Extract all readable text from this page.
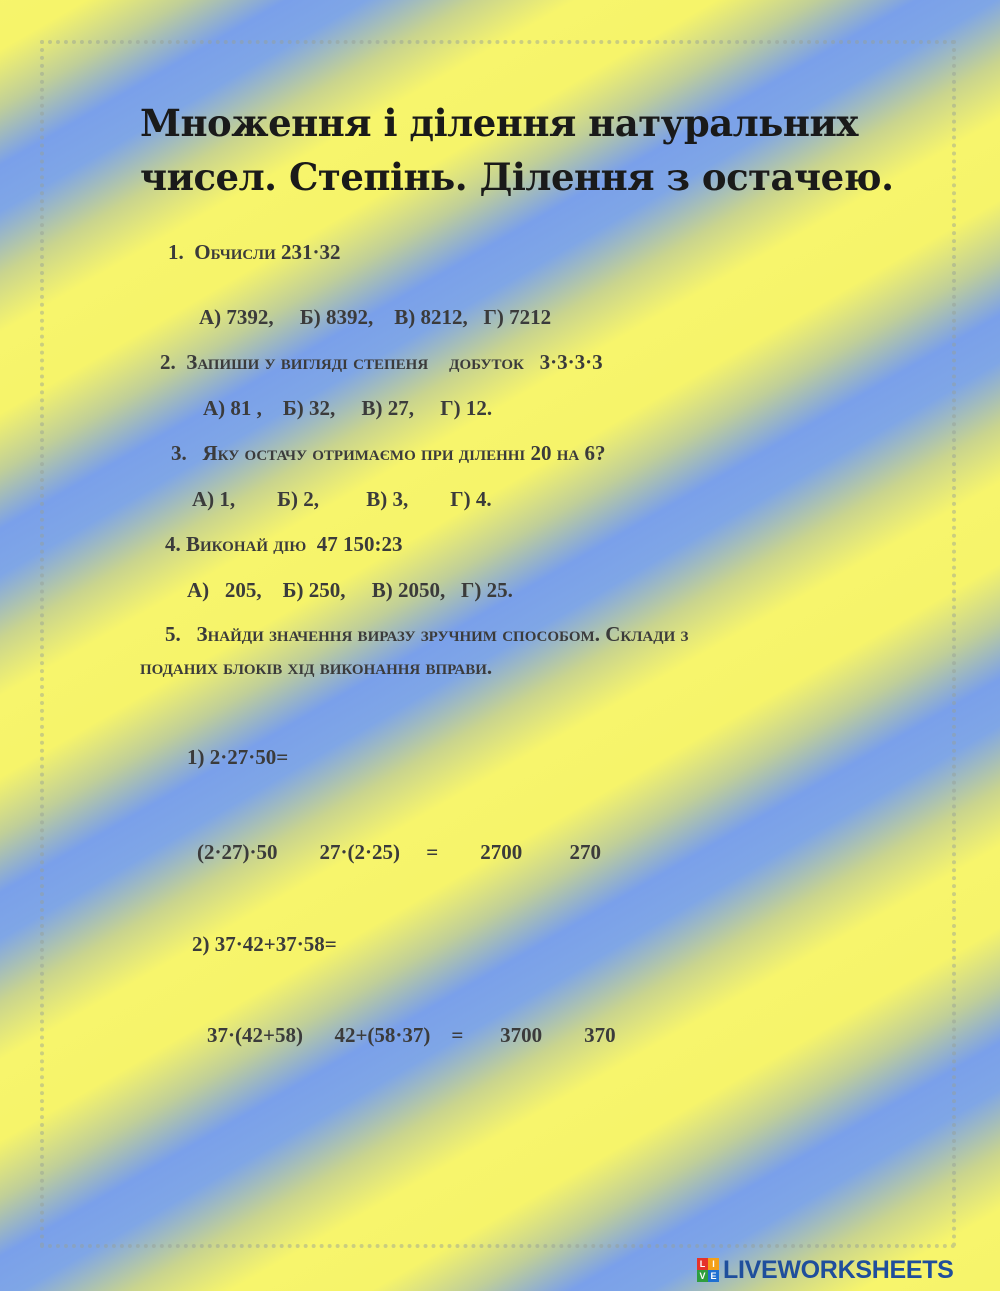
Множення і ділення натуральних чисел. Степінь. Ділення з остачею.
1.  Обчисли 231·32
А) 7392,     Б) 8392,    В) 8212,   Г) 7212
2.  Запиши у вигляді степеня    добуток   3·3·3·3
А) 81 ,    Б) 32,     В) 27,     Г) 12.
3.   Яку остачу отримаємо при діленні 20 на 6?
А) 1,        Б) 2,         В) 3,        Г) 4.
4. Виконай дію  47 150:23
А)   205,    Б) 250,     В) 2050,   Г) 25.
5.   Знайди значення виразу зручним способом. Склади з
поданих блоків хід виконання вправи.
1) 2·27·50=
(2·27)·50        27·(2·25)     =        2700         270
2) 37·42+37·58=
37·(42+58)      42+(58·37)    =       3700        370
L I
V E LIVEWORKSHEETS
